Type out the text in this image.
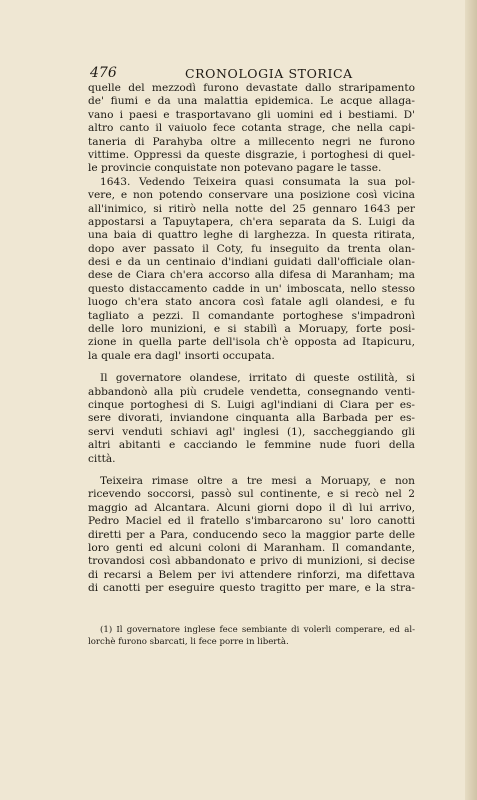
476	CRONOLOGIA STORICA
quelle del mezzodì furono devastate dallo straripamento
de' fiumi e da una malattia epidemica. Le acque allaga-
vano i paesi e trasportavano gli uomini ed i bestiami. D'
altro canto il vaiuolo fece cotanta strage, che nella capi-
taneria di Parahyba oltre a millecento negri ne furono
vittime. Oppressi da queste disgrazie, i portoghesi di quel-
le provincie conquistate non potevano pagare le tasse.
1643. Vedendo Teixeira quasi consumata la sua pol-
vere, e non potendo conservare una posizione così vicina
all'inimico, si ritirò nella notte del 25 gennaro 1643 per
appostarsi a Tapuytapera, ch'era separata da S. Luigi da
una baia di quattro leghe di larghezza. In questa ritirata,
dopo aver passato il Coty, fu inseguito da trenta olan-
desi e da un centinaio d'indiani guidati dall'officiale olan-
dese de Ciara ch'era accorso alla difesa di Maranham; ma
questo distaccamento cadde in un' imboscata, nello stesso
luogo ch'era stato ancora così fatale agli olandesi, e fu
tagliato a pezzi. Il comandante portoghese s'impadronì
delle loro munizioni, e si stabilì a Moruapy, forte posi-
zione in quella parte dell'isola ch'è opposta ad Itapicuru,
la quale era dagl' insorti occupata.
Il governatore olandese, irritato di queste ostilità, si
abbandonò alla più crudele vendetta, consegnando venti-
cinque portoghesi di S. Luigi agl'indiani di Ciara per es-
sere divorati, inviandone cinquanta alla Barbada per es-
servi venduti schiavi agl' inglesi (1), saccheggiando gli
altri abitanti e cacciando le femmine nude fuori della
città.
Teixeira rimase oltre a tre mesi a Moruapy, e non
ricevendo soccorsi, passò sul continente, e si recò nel 2
maggio ad Alcantara. Alcuni giorni dopo il dì lui arrivo,
Pedro Maciel ed il fratello s'imbarcarono su' loro canotti
diretti per a Para, conducendo seco la maggior parte delle
loro genti ed alcuni coloni di Maranham. Il comandante,
trovandosi così abbandonato e privo di munizioni, si decise
di recarsi a Belem per ivi attendere rinforzi, ma difettava
di canotti per eseguire questo tragitto per mare, e la stra-
(1) Il governatore inglese fece sembiante di volerli comperare, ed al-
lorchè furono sbarcati, li fece porre in libertà.
